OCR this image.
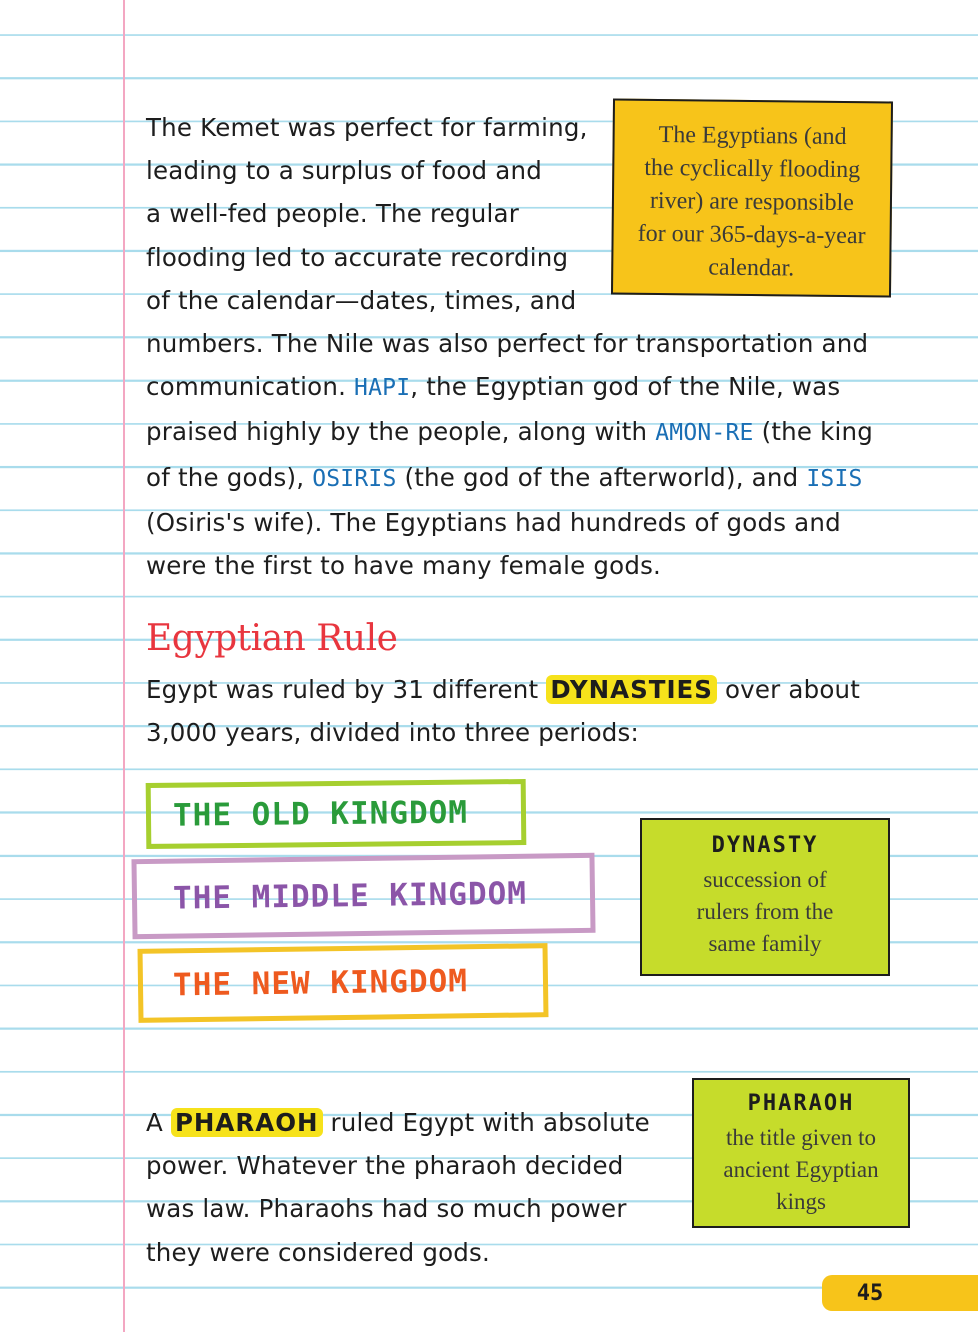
The Kemet was perfect for farming,
leading to a surplus of food and
a well-fed people. The regular
flooding led to accurate recording
of the calendar—dates, times, and
numbers. The Nile was also perfect for transportation and
communication. HAPI, the Egyptian god of the Nile, was
praised highly by the people, along with AMON-RE (the king
of the gods), OSIRIS (the god of the afterworld), and ISIS
(Osiris's wife). The Egyptians had hundreds of gods and
were the first to have many female gods.
The Egyptians (and
the cyclically flooding
river) are responsible
for our 365-days-a-year
calendar.
Egyptian Rule
Egypt was ruled by 31 different DYNASTIES over about
3,000 years, divided into three periods:
THE OLD KINGDOM
THE MIDDLE KINGDOM
THE NEW KINGDOM
DYNASTY
succession of
rulers from the
same family
A PHARAOH ruled Egypt with absolute
power. Whatever the pharaoh decided
was law. Pharaohs had so much power
they were considered gods.
PHARAOH
the title given to
ancient Egyptian
kings
45
